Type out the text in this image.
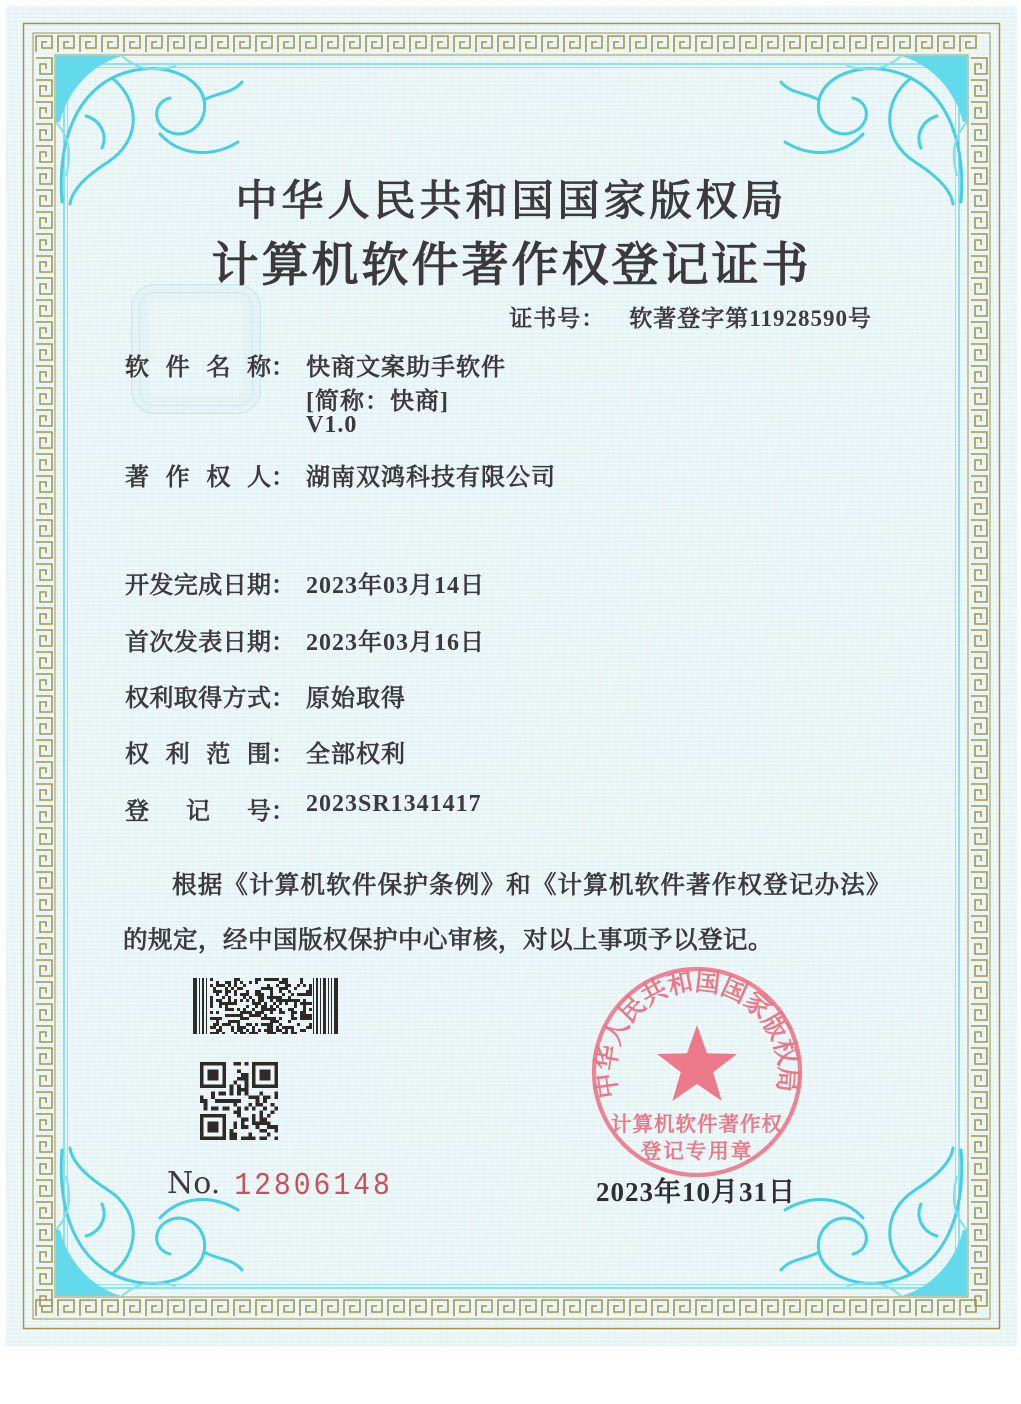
中华人民共和国国家版权局
计算机软件著作权登记证书
证书号： 软著登字第11928590号
软件名称： 快商文案助手软件
[简称：快商]
V1.0
著作权人： 湖南双鸿科技有限公司
开发完成日期： 2023年03月14日
首次发表日期： 2023年03月16日
权利取得方式： 原始取得
权利范围： 全部权利
登记号： 2023SR1341417
根据《计算机软件保护条例》和《计算机软件著作权登记办法》的规定，经中国版权保护中心审核，对以上事项予以登记。
No. 12806148
中华人民共和国国家版权局
计算机软件著作权
登记专用章
2023年10月31日
